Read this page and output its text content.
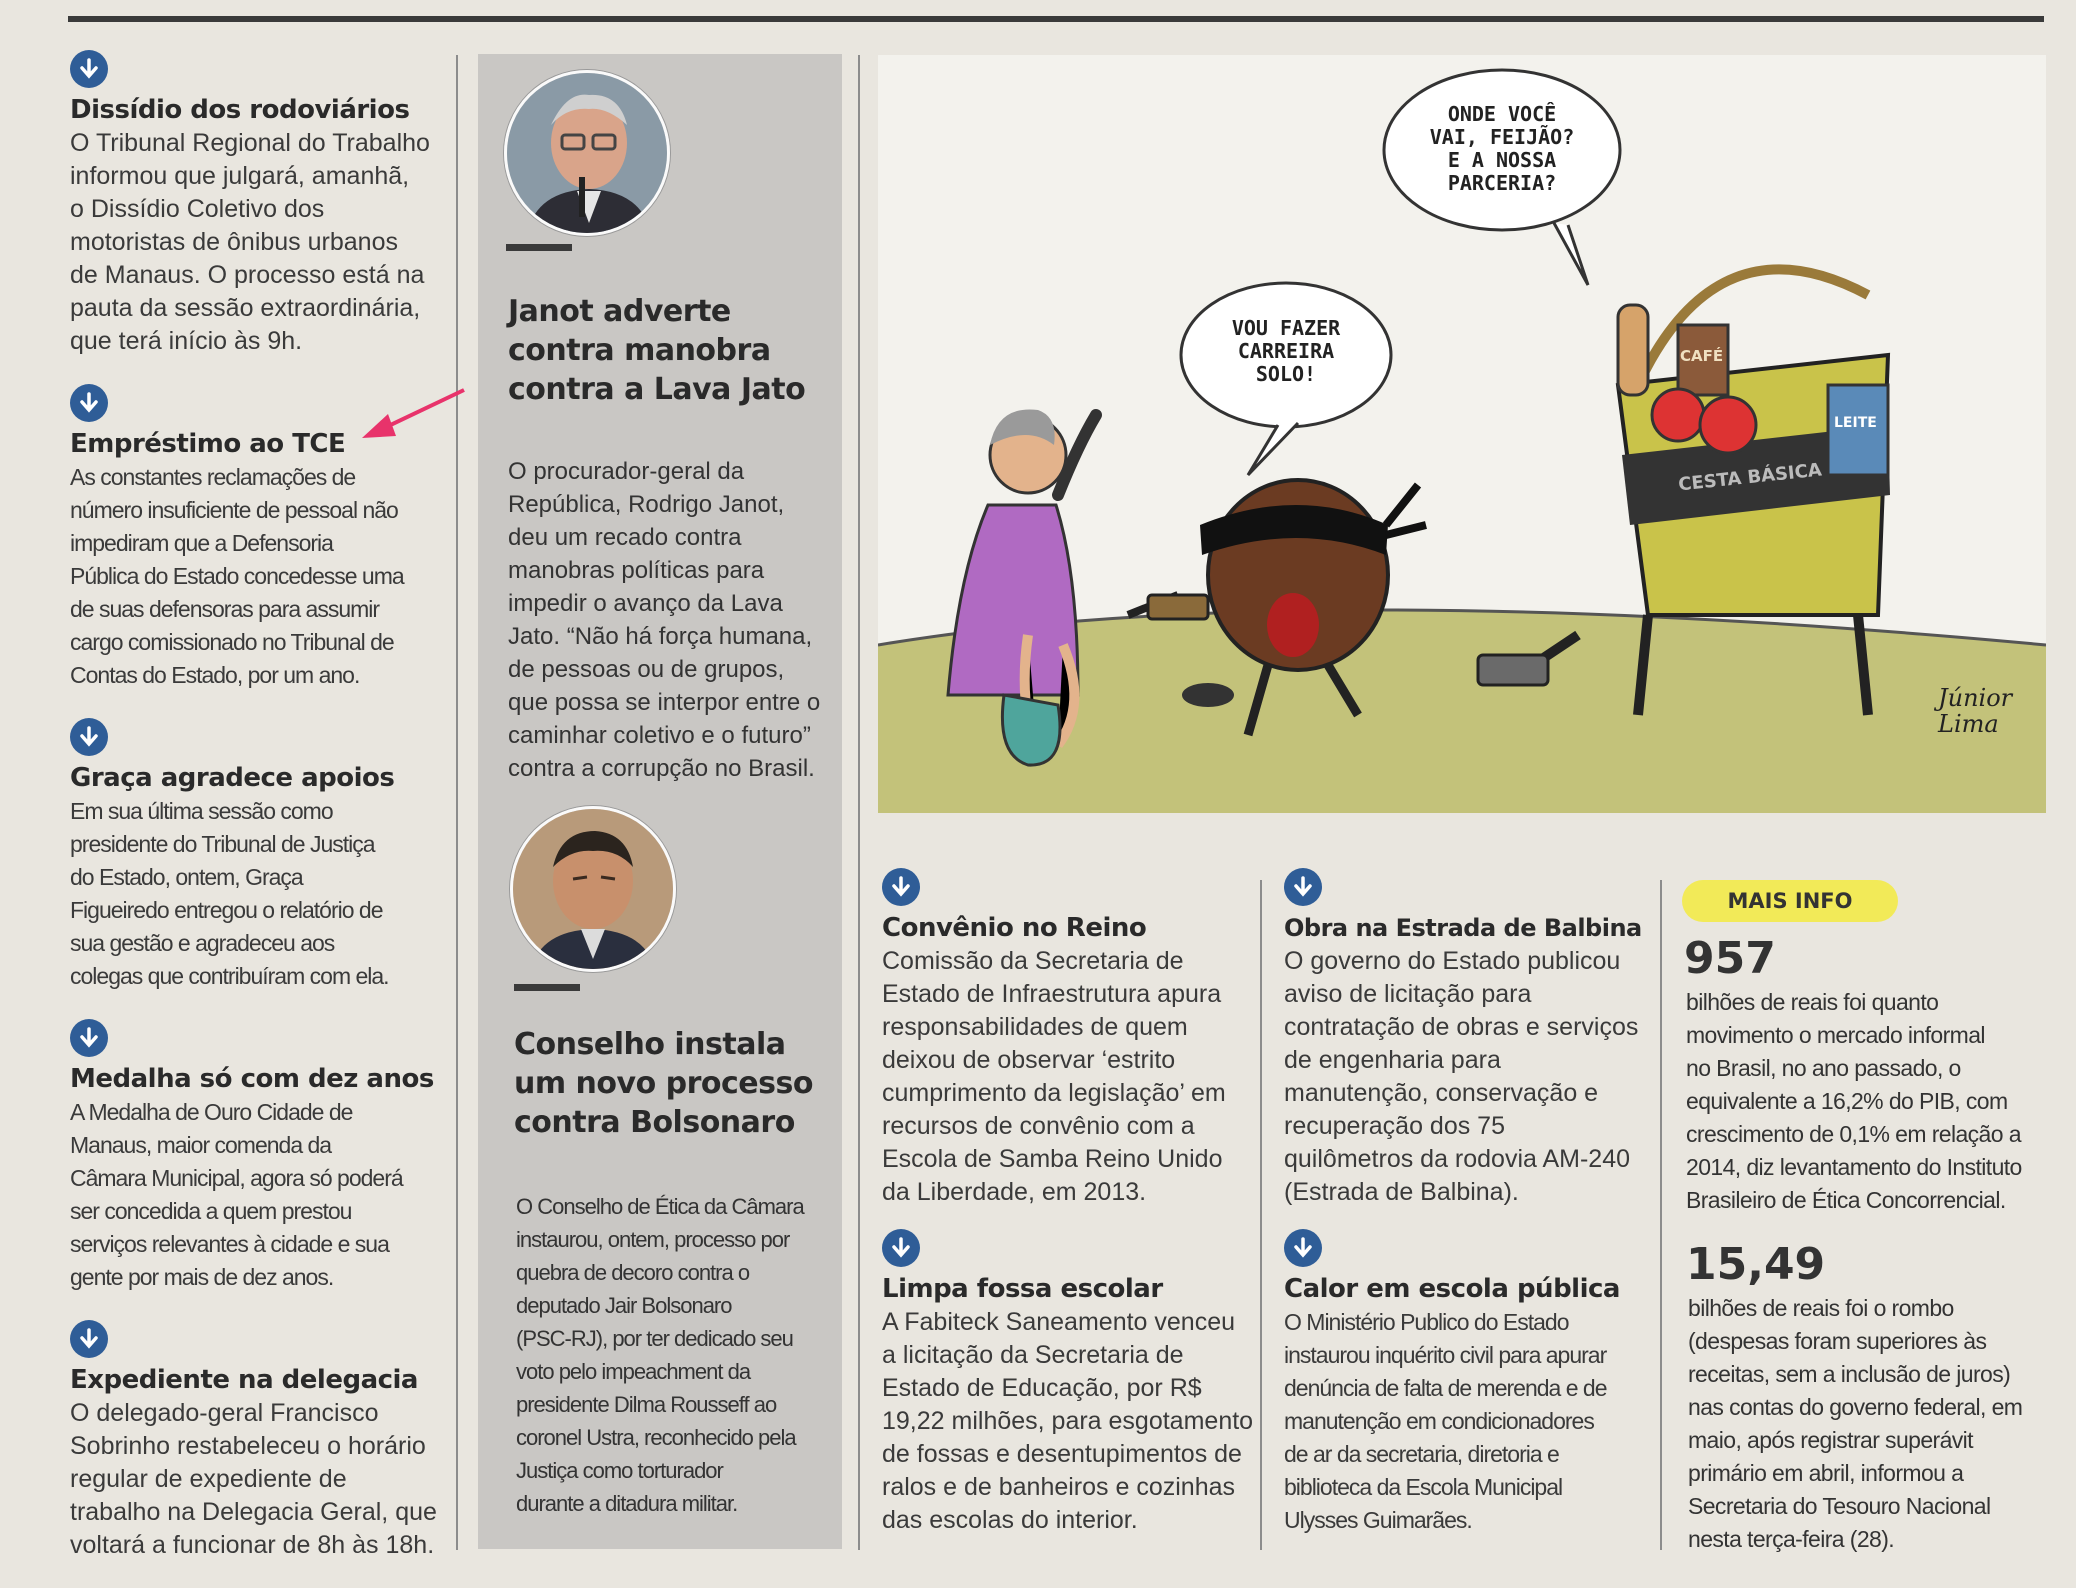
Dissídio dos rodoviários

O Tribunal Regional do Trabalho
informou que julgará, amanhã,
o Dissídio Coletivo dos
motoristas de ônibus urbanos
de Manaus. O processo está na
pauta da sessão extraordinária,
que terá início às 9h.

Empréstimo ao TCE

As constantes reclamações de
número insuficiente de pessoal não
impediram que a Defensoria
Pública do Estado concedesse uma
de suas defensoras para assumir
cargo comissionado no Tribunal de
Contas do Estado, por um ano.

Graça agradece apoios

Em sua última sessão como
presidente do Tribunal de Justiça
do Estado, ontem, Graça
Figueiredo entregou o relatório de
sua gestão e agradeceu aos
colegas que contribuíram com ela.

Medalha só com dez anos

A Medalha de Ouro Cidade de
Manaus, maior comenda da
Câmara Municipal, agora só poderá
ser concedida a quem prestou
serviços relevantes à cidade e sua
gente por mais de dez anos.

Expediente na delegacia

O delegado-geral Francisco
Sobrinho restabeleceu o horário
regular de expediente de
trabalho na Delegacia Geral, que
voltará a funcionar de 8h às 18h.

Janot adverte
contra manobra
contra a Lava Jato

O procurador-geral da
República, Rodrigo Janot,
deu um recado contra
manobras políticas para
impedir o avanço da Lava
Jato. “Não há força humana,
de pessoas ou de grupos,
que possa se interpor entre o
caminhar coletivo e o futuro”
contra a corrupção no Brasil.

Conselho instala
um novo processo
contra Bolsonaro

O Conselho de Ética da Câmara
instaurou, ontem, processo por
quebra de decoro contra o
deputado Jair Bolsonaro
(PSC-RJ), por ter dedicado seu
voto pelo impeachment da
presidente Dilma Rousseff ao
coronel Ustra, reconhecido pela
Justiça como torturador
durante a ditadura militar.

ONDE VOCÊ
VAI, FEIJÃO?
E A NOSSA
PARCERIA?
VOU FAZER
CARREIRA
SOLO!
CESTA BÁSICA
CAFÉ
LEITE
Júnior
Lima
Convênio no Reino

Comissão da Secretaria de
Estado de Infraestrutura apura
responsabilidades de quem
deixou de observar ‘estrito
cumprimento da legislação’ em
recursos de convênio com a
Escola de Samba Reino Unido
da Liberdade, em 2013.

Limpa fossa escolar

A Fabiteck Saneamento venceu
a licitação da Secretaria de
Estado de Educação, por R$
19,22 milhões, para esgotamento
de fossas e desentupimentos de
ralos e de banheiros e cozinhas
das escolas do interior.

Obra na Estrada de Balbina

O governo do Estado publicou
aviso de licitação para
contratação de obras e serviços
de engenharia para
manutenção, conservação e
recuperação dos 75
quilômetros da rodovia AM-240
(Estrada de Balbina).

Calor em escola pública

O Ministério Publico do Estado
instaurou inquérito civil para apurar
denúncia de falta de merenda e de
manutenção em condicionadores
de ar da secretaria, diretoria e
biblioteca da Escola Municipal
Ulysses Guimarães.

MAIS INFO
957

bilhões de reais foi quanto
movimento o mercado informal
no Brasil, no ano passado, o
equivalente a 16,2% do PIB, com
crescimento de 0,1% em relação a
2014, diz levantamento do Instituto
Brasileiro de Ética Concorrencial.

15,49

bilhões de reais foi o rombo
(despesas foram superiores às
receitas, sem a inclusão de juros)
nas contas do governo federal, em
maio, após registrar superávit
primário em abril, informou a
Secretaria do Tesouro Nacional
nesta terça-feira (28).
